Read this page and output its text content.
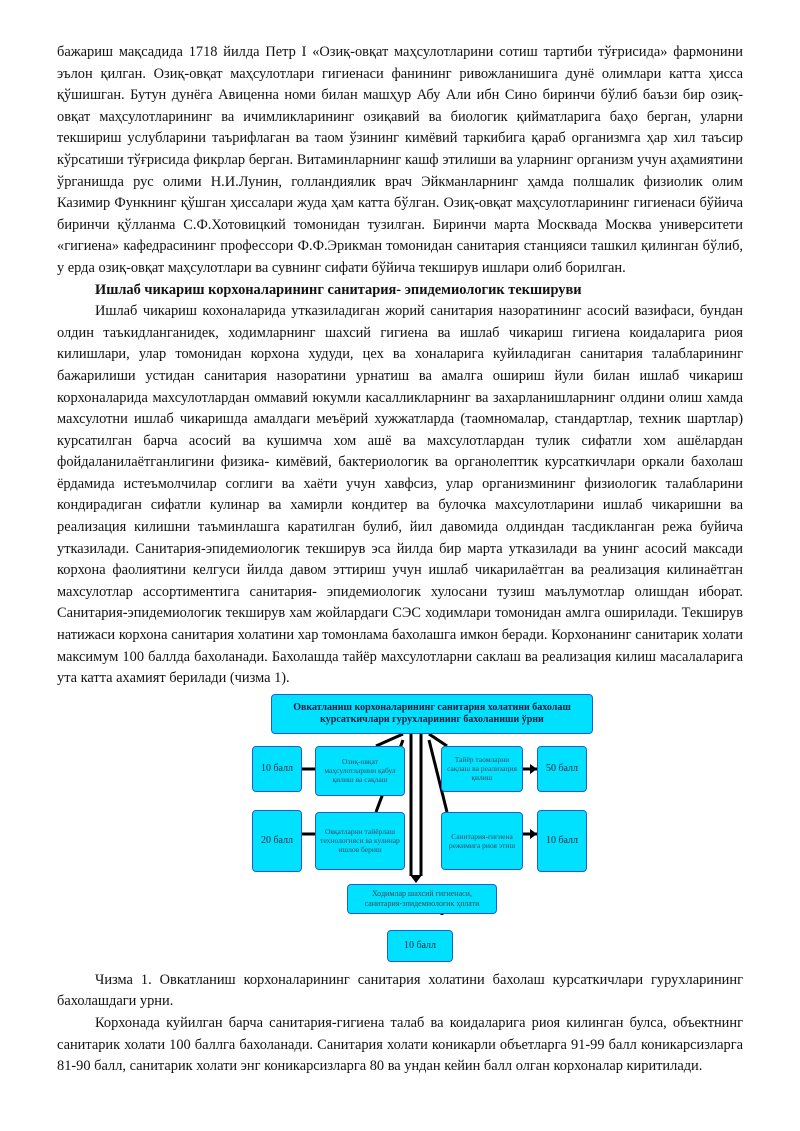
бажариш мақсадида 1718 йилда Петр I «Озиқ-овқат маҳсулотларини сотиш тартиби тўғрисида» фармонини эълон қилган. Озиқ-овқат маҳсулотлари гигиенаси фанининг ривожланишига дунё олимлари катта ҳисса қўшишган. Бутун дунёга Авиценна номи билан машҳур Абу Али ибн Сино биринчи бўлиб баъзи бир озиқ-овқат маҳсулотларининг ва ичимликларининг озиқавий ва биологик қийматларига баҳо берган, уларни текшириш услубларини таърифлаган ва таом ўзининг кимёвий таркибига қараб организмга ҳар хил таъсир кўрсатиши тўғрисида фикрлар берган. Витаминларнинг кашф этилиши ва уларнинг организм учун аҳамиятини ўрганишда рус олими Н.И.Лунин, голландиялик врач Эйкманларнинг ҳамда полшалик физиолик олим Казимир Функнинг қўшган ҳиссалари жуда ҳам катта бўлган. Озиқ-овқат маҳсулотларининг гигиенаси бўйича биринчи қўлланма С.Ф.Хотовицкий томонидан тузилган. Биринчи марта Москвада Москва университети «гигиена» кафедрасининг профессори Ф.Ф.Эрикман томонидан санитария станцияси ташкил қилинган бўлиб, у ерда озиқ-овқат маҳсулотлари ва сувнинг сифати бўйича текширув ишлари олиб борилган.

Ишлаб чикариш корхоналарининг санитария- эпидемиологик текшируви

Ишлаб чикариш кохоналарида утказиладиган жорий санитария назоратининг асосий вазифаси, бундан олдин таъкидланганидек, ходимларнинг шахсий гигиена ва ишлаб чикариш гигиена коидаларига риоя килишлари, улар томонидан корхона худуди, цех ва хоналарига куйиладиган санитария талабларининг бажарилиши устидан санитария назоратини урнатиш ва амалга ошириш йули билан ишлаб чикариш корхоналарида махсулотлардан оммавий юкумли касалликларнинг ва захарланишларнинг олдини олиш хамда махсулотни ишлаб чикаришда амалдаги меъёрий хужжатларда (таомномалар, стандартлар, техник шартлар) курсатилган барча асосий ва кушимча хом ашё ва махсулотлардан тулик сифатли хом ашёлардан фойдаланилаётганлигини физика- кимёвий, бактериологик ва органолептик курсаткичлари оркали бахолаш ёрдамида истеъмолчилар соглиги ва хаёти учун хавфсиз, улар организмининг физиологик талабларини кондирадиган сифатли кулинар ва хамирли кондитер ва булочка махсулотларини ишлаб чикаришни ва реализация килишни таъминлашга каратилган булиб, йил давомида олдиндан тасдикланган режа буйича утказилади. Санитария-эпидемиологик текширув эса йилда бир марта утказилади ва унинг асосий максади корхона фаолиятини келгуси йилда давом эттириш учун ишлаб чикарилаётган ва реализация килинаётган махсулотлар ассортиментига санитария- эпидемиологик хулосани тузиш маълумотлар олишдан иборат. Санитария-эпидемиологик текширув хам жойлардаги СЭС ходимлари томонидан амлга оширилади. Текширув натижаси корхона санитария холатини хар томонлама бахолашга имкон беради. Корхонанинг санитарик холати максимум 100 баллда бахоланади. Бахолашда тайёр махсулотларни саклаш ва реализация килиш масалаларига ута катта ахамият берилади (чизма 1).

Овкатланиш корхоналарининг санитария холатини бахолаш курсаткичлари гурухларининг бахоланиши ўрни
10 балл
Озиқ-овқат маҳсулотларини қабул қилиш ва сақлаш
Тайёр таомларни сақлаш ва реализация қилиш
50 балл
20 балл
Овқатларни тайёрлаш технологияси ва кулинар ишлов бериш
Санитария-гигиена режимига риоя этиш	10 балл
Ходимлар шахсий гигиенаси, санитария-эпидемиологик ҳолати
10 балл

Чизма 1. Овкатланиш корхоналарининг санитария холатини бахолаш курсаткичлари гурухларининг бахолашдаги урни.

Корхонада куйилган барча санитария-гигиена талаб ва коидаларига риоя килинган булса, объектнинг санитарик холати 100 баллга бахоланади. Санитария холати коникарли объетларга 91-99 балл коникарсизларга 81-90 балл, санитарик холати энг коникарсизларга 80 ва ундан кейин балл олган корхоналар киритилади.
